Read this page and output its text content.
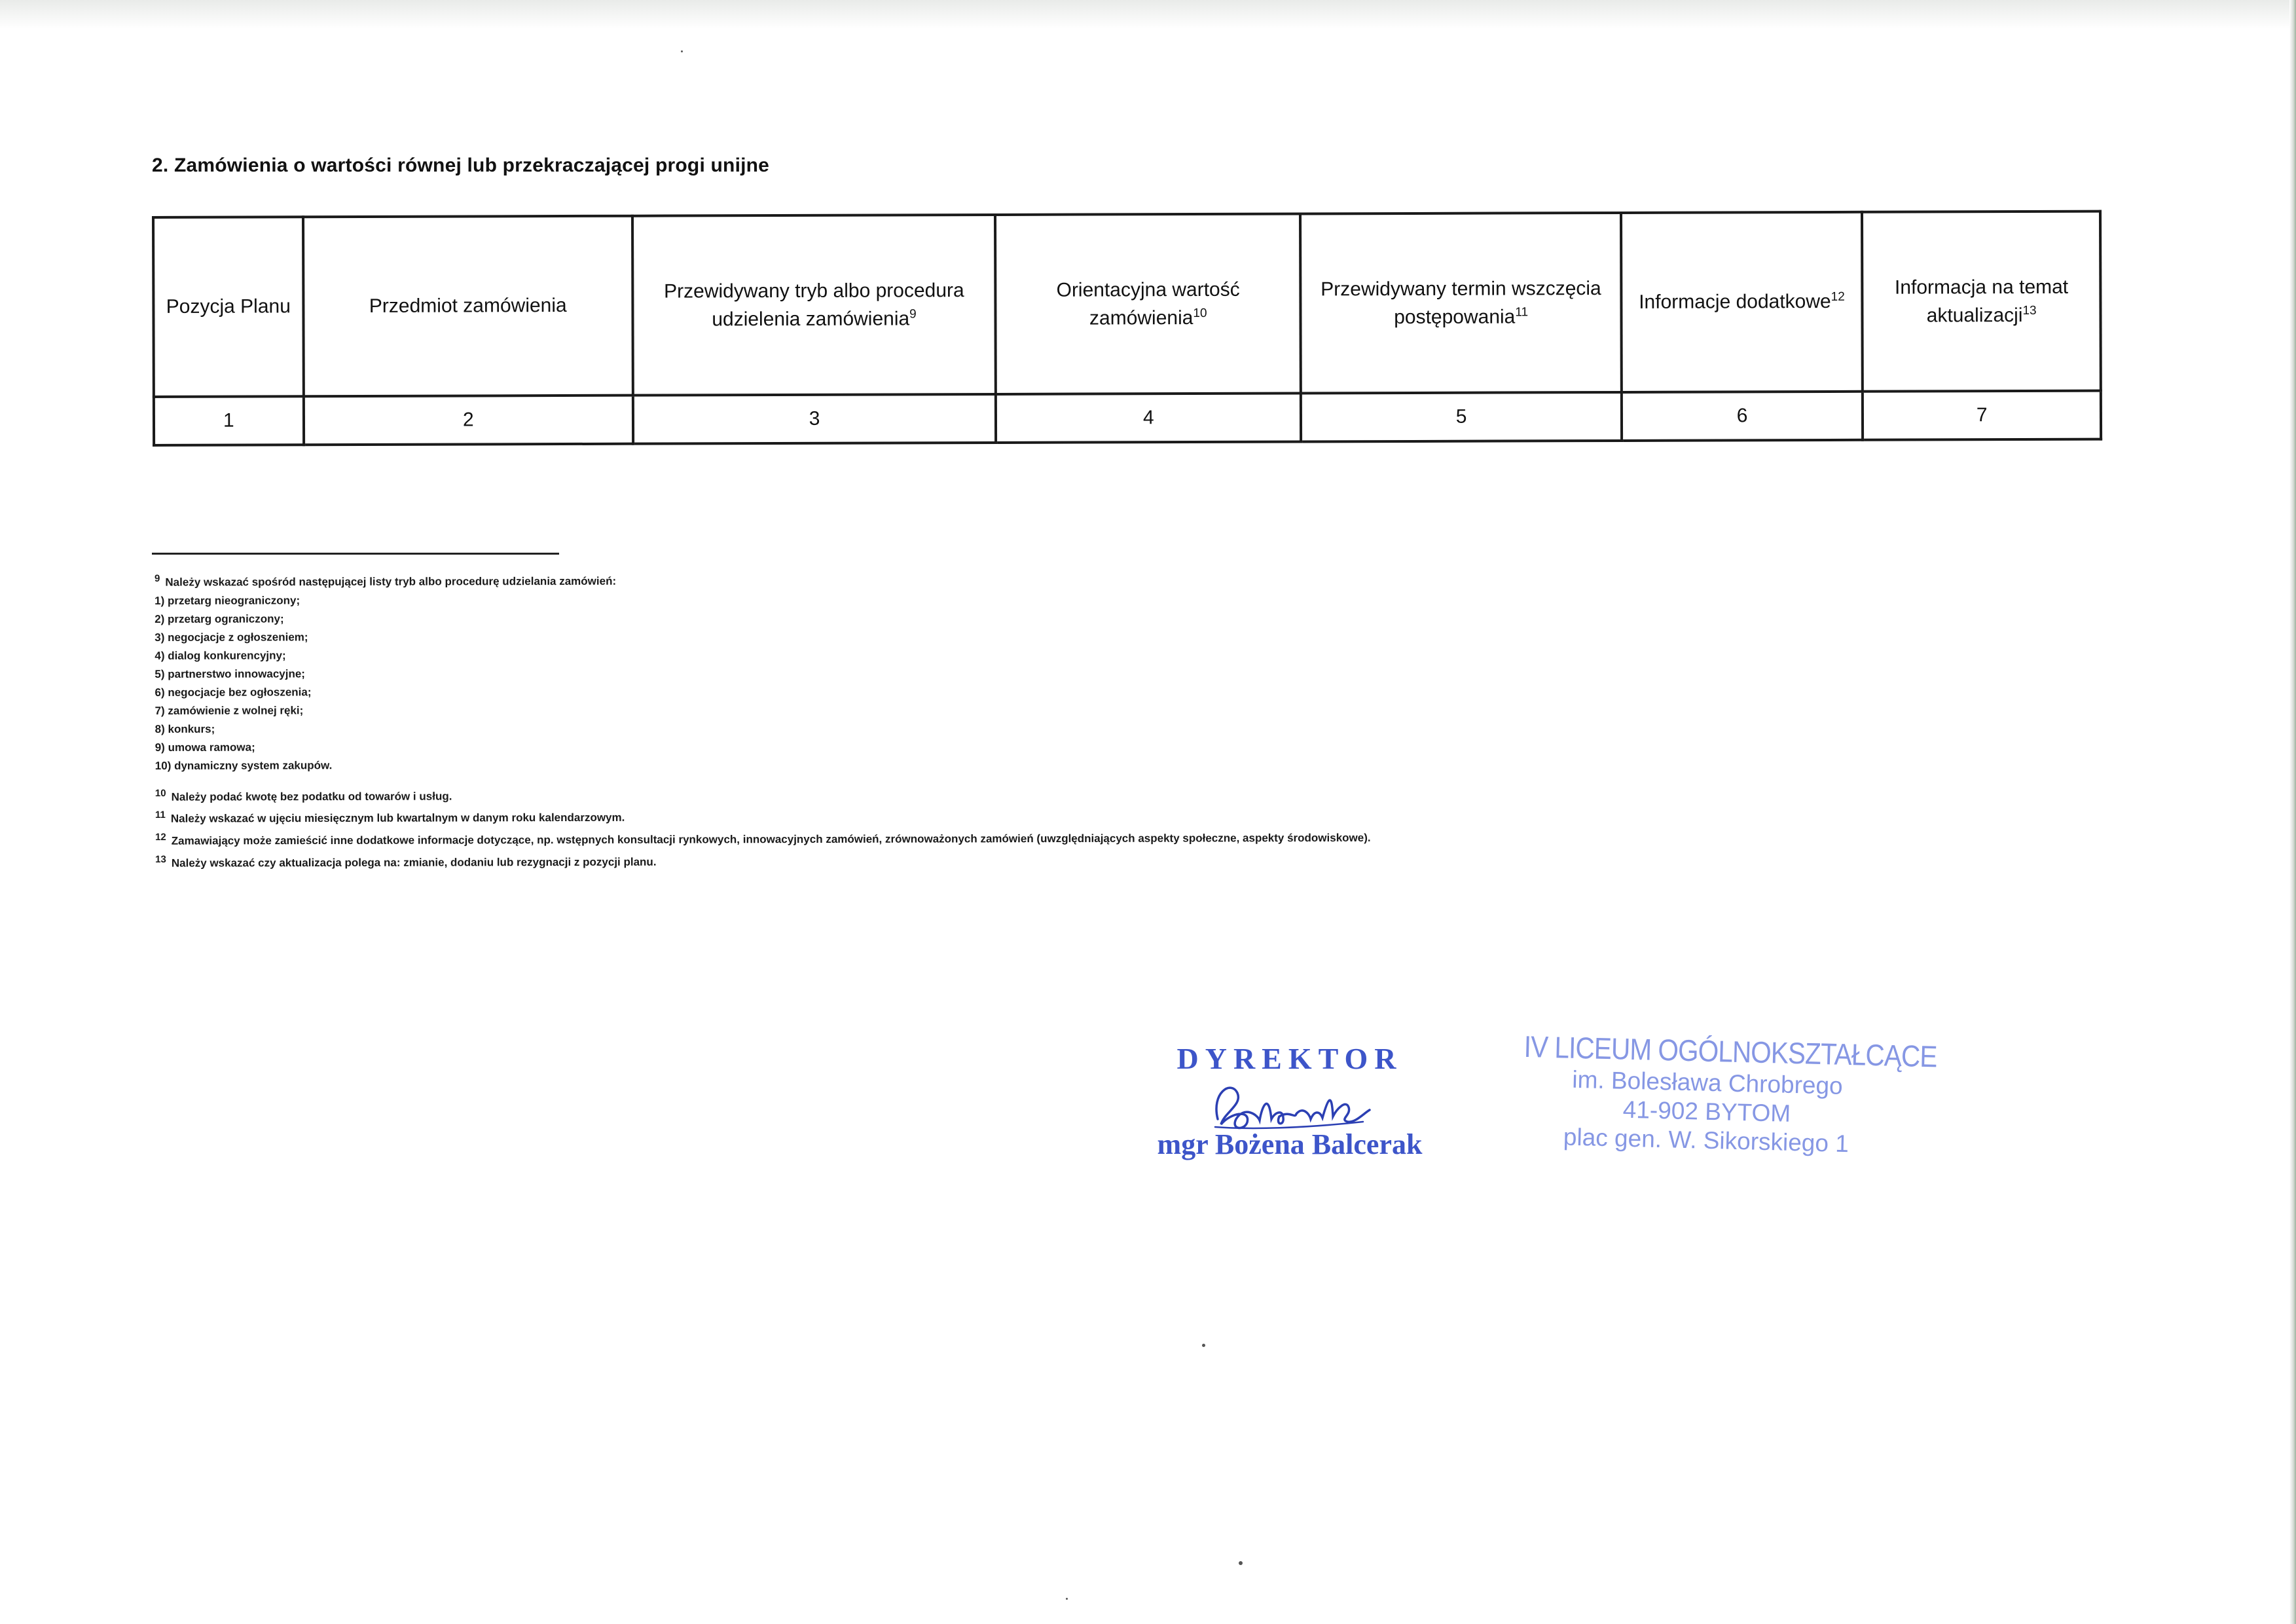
2. Zamówienia o wartości równej lub przekraczającej progi unijne
Pozycja Planu	Przedmiot zamówienia	Przewidywany tryb albo procedura udzielenia zamówienia$^9$	Orientacyjna wartość zamówienia$^{10}$	Przewidywany termin wszczęcia postępowania$^{11}$	Informacje dodatkowe$^{12}$	Informacja na temat aktualizacji$^{13}$
1	2	3	4	5	6	7
$^9$ Należy wskazać spośród następującej listy tryb albo procedurę udzielania zamówień:
1) przetarg nieograniczony;
2) przetarg ograniczony;
3) negocjacje z ogłoszeniem;
4) dialog konkurencyjny;
5) partnerstwo innowacyjne;
6) negocjacje bez ogłoszenia;
7) zamówienie z wolnej ręki;
8) konkurs;
9) umowa ramowa;
10) dynamiczny system zakupów.
$^{10}$ Należy podać kwotę bez podatku od towarów i usług.
$^{11}$ Należy wskazać w ujęciu miesięcznym lub kwartalnym w danym roku kalendarzowym.
$^{12}$ Zamawiający może zamieścić inne dodatkowe informacje dotyczące, np. wstępnych konsultacji rynkowych, innowacyjnych zamówień, zrównoważonych zamówień (uwzględniających aspekty społeczne, aspekty środowiskowe).
$^{13}$ Należy wskazać czy aktualizacja polega na: zmianie, dodaniu lub rezygnacji z pozycji planu.
DYREKTOR
mgr Bożena Balcerak
IV LICEUM OGÓLNOKSZTAŁCĄCE
im. Bolesława Chrobrego
41-902 BYTOM
plac gen. W. Sikorskiego 1
